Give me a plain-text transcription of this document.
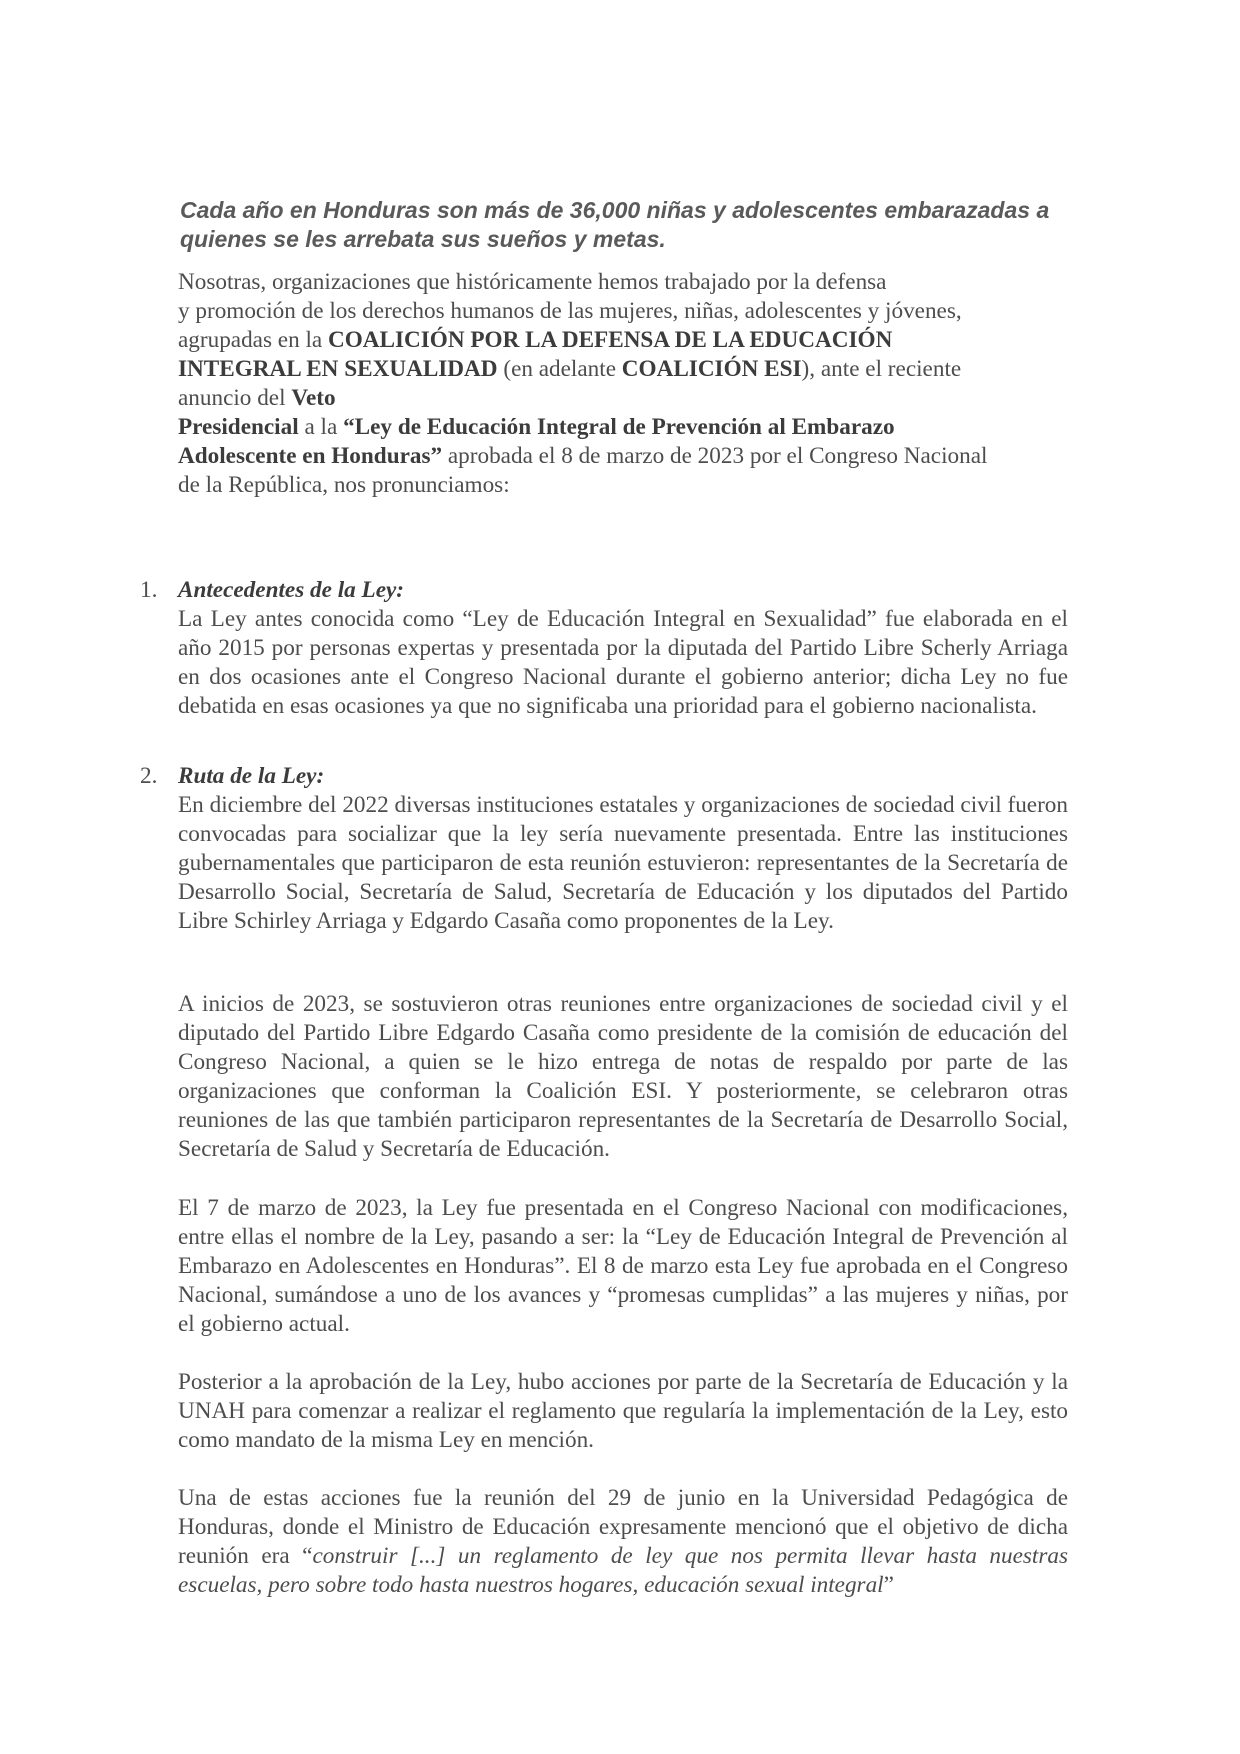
Cada año en Honduras son más de 36,000 niñas y adolescentes embarazadas a quienes se les arrebata sus sueños y metas.

Nosotras, organizaciones que históricamente hemos trabajado por la defensa

y promoción de los derechos humanos de las mujeres, niñas, adolescentes y jóvenes,

agrupadas en la COALICIÓN POR LA DEFENSA DE LA EDUCACIÓN

INTEGRAL EN SEXUALIDAD (en adelante COALICIÓN ESI), ante el reciente

anuncio del Veto

Presidencial a la “Ley de Educación Integral de Prevención al Embarazo

Adolescente en Honduras” aprobada el 8 de marzo de 2023 por el Congreso Nacional

de la República, nos pronunciamos:

1. Antecedentes de la Ley:

La Ley antes conocida como “Ley de Educación Integral en Sexualidad” fue elaborada en el año 2015 por personas expertas y presentada por la diputada del Partido Libre Scherly Arriaga en dos ocasiones ante el Congreso Nacional durante el gobierno anterior; dicha Ley no fue debatida en esas ocasiones ya que no significaba una prioridad para el gobierno nacionalista.

2. Ruta de la Ley:

En diciembre del 2022 diversas instituciones estatales y organizaciones de sociedad civil fueron convocadas para socializar que la ley sería nuevamente presentada. Entre las instituciones gubernamentales que participaron de esta reunión estuvieron: representantes de la Secretaría de Desarrollo Social, Secretaría de Salud, Secretaría de Educación y los diputados del Partido Libre Schirley Arriaga y Edgardo Casaña como proponentes de la Ley.

A inicios de 2023, se sostuvieron otras reuniones entre organizaciones de sociedad civil y el diputado del Partido Libre Edgardo Casaña como presidente de la comisión de educación del Congreso Nacional, a quien se le hizo entrega de notas de respaldo por parte de las organizaciones que conforman la Coalición ESI. Y posteriormente, se celebraron otras reuniones de las que también participaron representantes de la Secretaría de Desarrollo Social, Secretaría de Salud y Secretaría de Educación.
El 7 de marzo de 2023, la Ley fue presentada en el Congreso Nacional con modificaciones, entre ellas el nombre de la Ley, pasando a ser: la “Ley de Educación Integral de Prevención al Embarazo en Adolescentes en Honduras”. El 8 de marzo esta Ley fue aprobada en el Congreso Nacional, sumándose a uno de los avances y “promesas cumplidas” a las mujeres y niñas, por el gobierno actual.
Posterior a la aprobación de la Ley, hubo acciones por parte de la Secretaría de Educación y la UNAH para comenzar a realizar el reglamento que regularía la implementación de la Ley, esto como mandato de la misma Ley en mención.
Una de estas acciones fue la reunión del 29 de junio en la Universidad Pedagógica de Honduras, donde el Ministro de Educación expresamente mencionó que el objetivo de dicha reunión era “construir [...] un reglamento de ley que nos permita llevar hasta nuestras escuelas, pero sobre todo hasta nuestros hogares, educación sexual integral”
